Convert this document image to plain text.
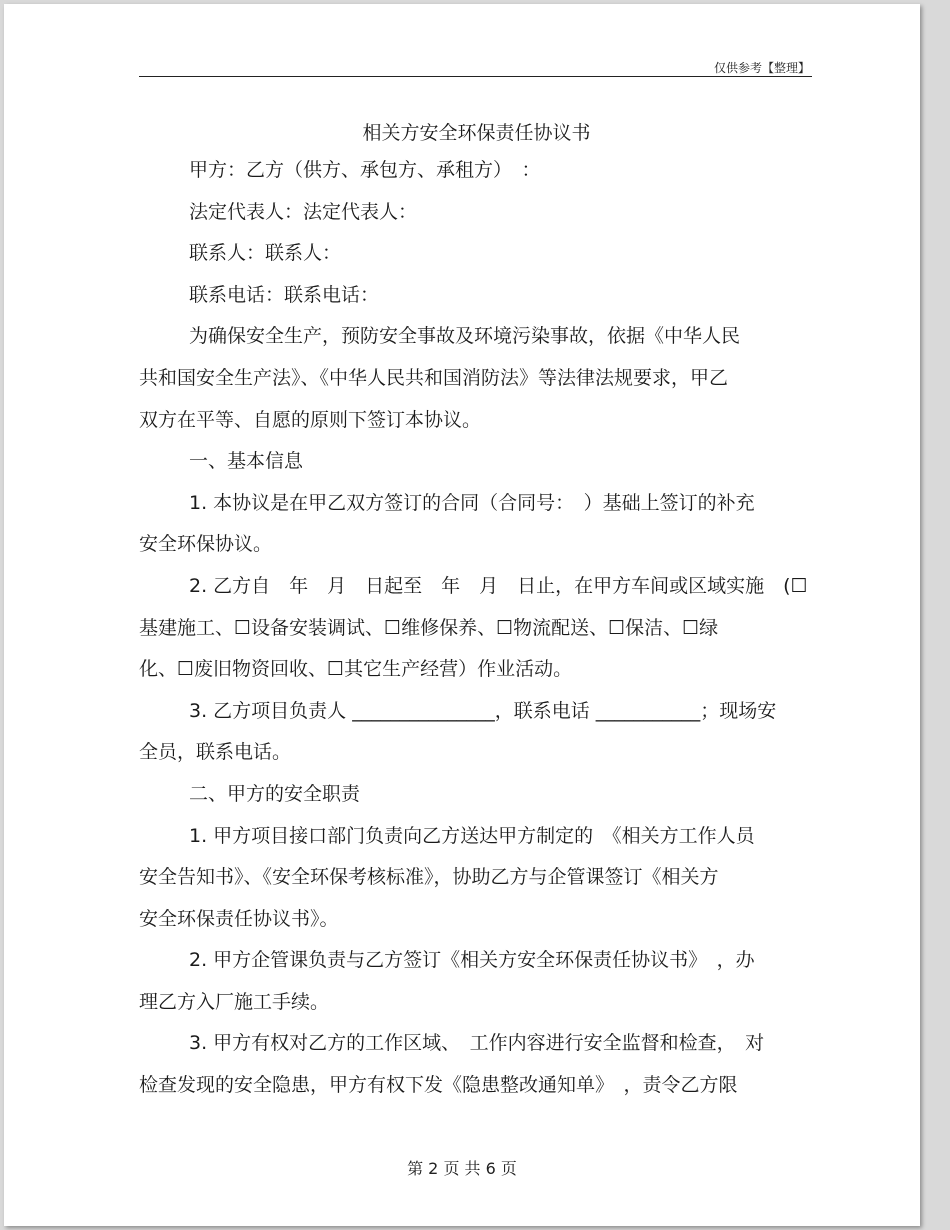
仅供参考【整理】

相关方安全环保责任协议书

甲方：乙方（供方、承包方、承租方）　：

法定代表人：法定代表人：

联系人：联系人：

联系电话：联系电话：

为确保安全生产，预防安全事故及环境污染事故，依据《中华人民

共和国安全生产法》、《中华人民共和国消防法》等法律法规要求，甲乙

双方在平等、自愿的原则下签订本协议。

一、基本信息

1. 本协议是在甲乙双方签订的合同（合同号：　）基础上签订的补充

安全环保协议。

2. 乙方自　年　月　日起至　年　月　日止，在甲方车间或区域实施　(☐

基建施工、☐设备安装调试、☐维修保养、☐物流配送、☐保洁、☐绿

化、☐废旧物资回收、☐其它生产经营）作业活动。

3. 乙方项目负责人 _______________，联系电话 ___________；现场安

全员，联系电话。

二、甲方的安全职责

1. 甲方项目接口部门负责向乙方送达甲方制定的　《相关方工作人员

安全告知书》、《安全环保考核标准》，协助乙方与企管课签订《相关方

安全环保责任协议书》。

2. 甲方企管课负责与乙方签订《相关方安全环保责任协议书》　，办

理乙方入厂施工手续。

3. 甲方有权对乙方的工作区域、　工作内容进行安全监督和检查，　对

检查发现的安全隐患，甲方有权下发《隐患整改通知单》　，责令乙方限

第 2 页 共 6 页
